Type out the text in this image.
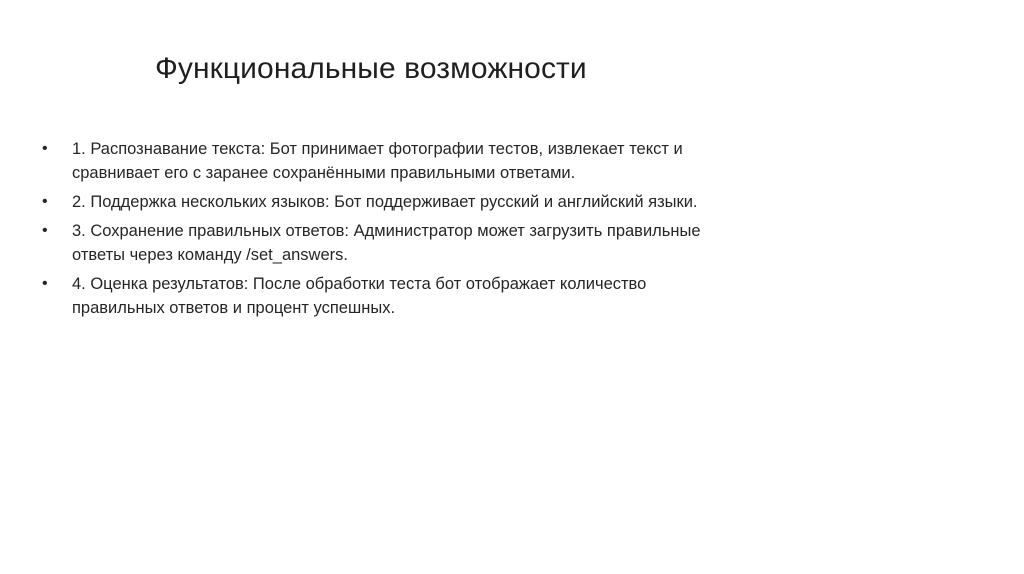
Функциональные возможности
• 1. Распознавание текста: Бот принимает фотографии тестов, извлекает текст и сравнивает его с заранее сохранёнными правильными ответами.
• 2. Поддержка нескольких языков: Бот поддерживает русский и английский языки.
• 3. Сохранение правильных ответов: Администратор может загрузить правильные ответы через команду /set_answers.
• 4. Оценка результатов: После обработки теста бот отображает количество правильных ответов и процент успешных.
